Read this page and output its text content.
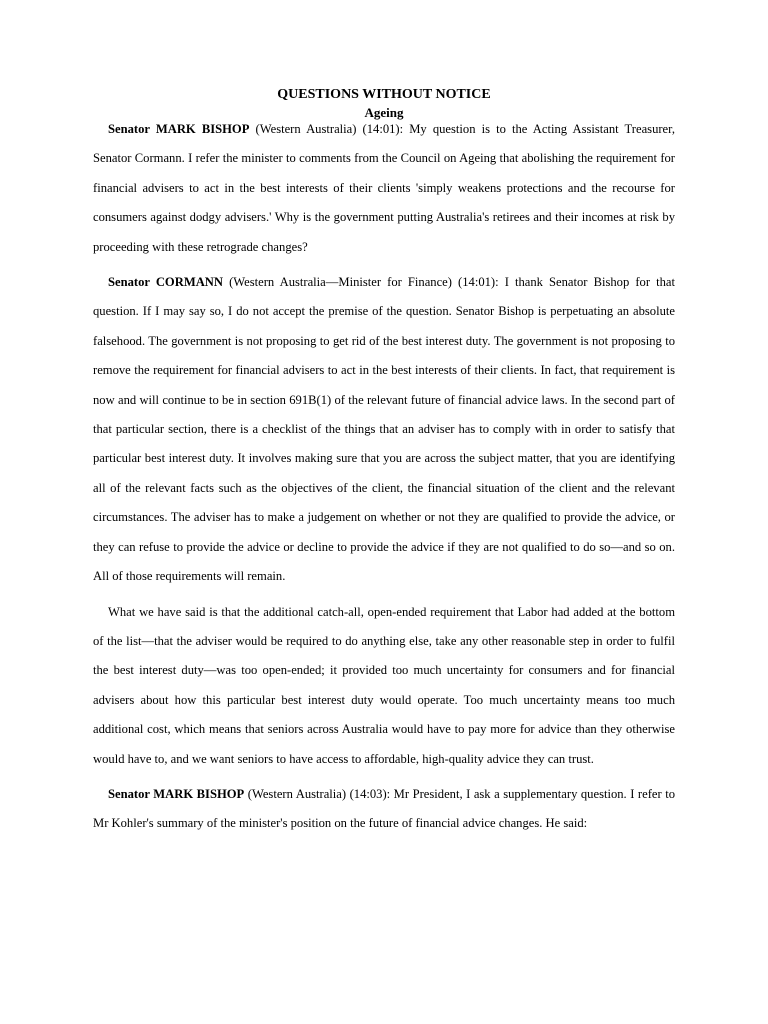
QUESTIONS WITHOUT NOTICE
Ageing

Senator MARK BISHOP (Western Australia) (14:01): My question is to the Acting Assistant Treasurer, Senator Cormann. I refer the minister to comments from the Council on Ageing that abolishing the requirement for financial advisers to act in the best interests of their clients 'simply weakens protections and the recourse for consumers against dodgy advisers.' Why is the government putting Australia's retirees and their incomes at risk by proceeding with these retrograde changes?

Senator CORMANN (Western Australia—Minister for Finance) (14:01): I thank Senator Bishop for that question. If I may say so, I do not accept the premise of the question. Senator Bishop is perpetuating an absolute falsehood. The government is not proposing to get rid of the best interest duty. The government is not proposing to remove the requirement for financial advisers to act in the best interests of their clients. In fact, that requirement is now and will continue to be in section 691B(1) of the relevant future of financial advice laws. In the second part of that particular section, there is a checklist of the things that an adviser has to comply with in order to satisfy that particular best interest duty. It involves making sure that you are across the subject matter, that you are identifying all of the relevant facts such as the objectives of the client, the financial situation of the client and the relevant circumstances. The adviser has to make a judgement on whether or not they are qualified to provide the advice, or they can refuse to provide the advice or decline to provide the advice if they are not qualified to do so—and so on. All of those requirements will remain.

What we have said is that the additional catch-all, open-ended requirement that Labor had added at the bottom of the list—that the adviser would be required to do anything else, take any other reasonable step in order to fulfil the best interest duty—was too open-ended; it provided too much uncertainty for consumers and for financial advisers about how this particular best interest duty would operate. Too much uncertainty means too much additional cost, which means that seniors across Australia would have to pay more for advice than they otherwise would have to, and we want seniors to have access to affordable, high-quality advice they can trust.

Senator MARK BISHOP (Western Australia) (14:03): Mr President, I ask a supplementary question. I refer to Mr Kohler's summary of the minister's position on the future of financial advice changes. He said:
